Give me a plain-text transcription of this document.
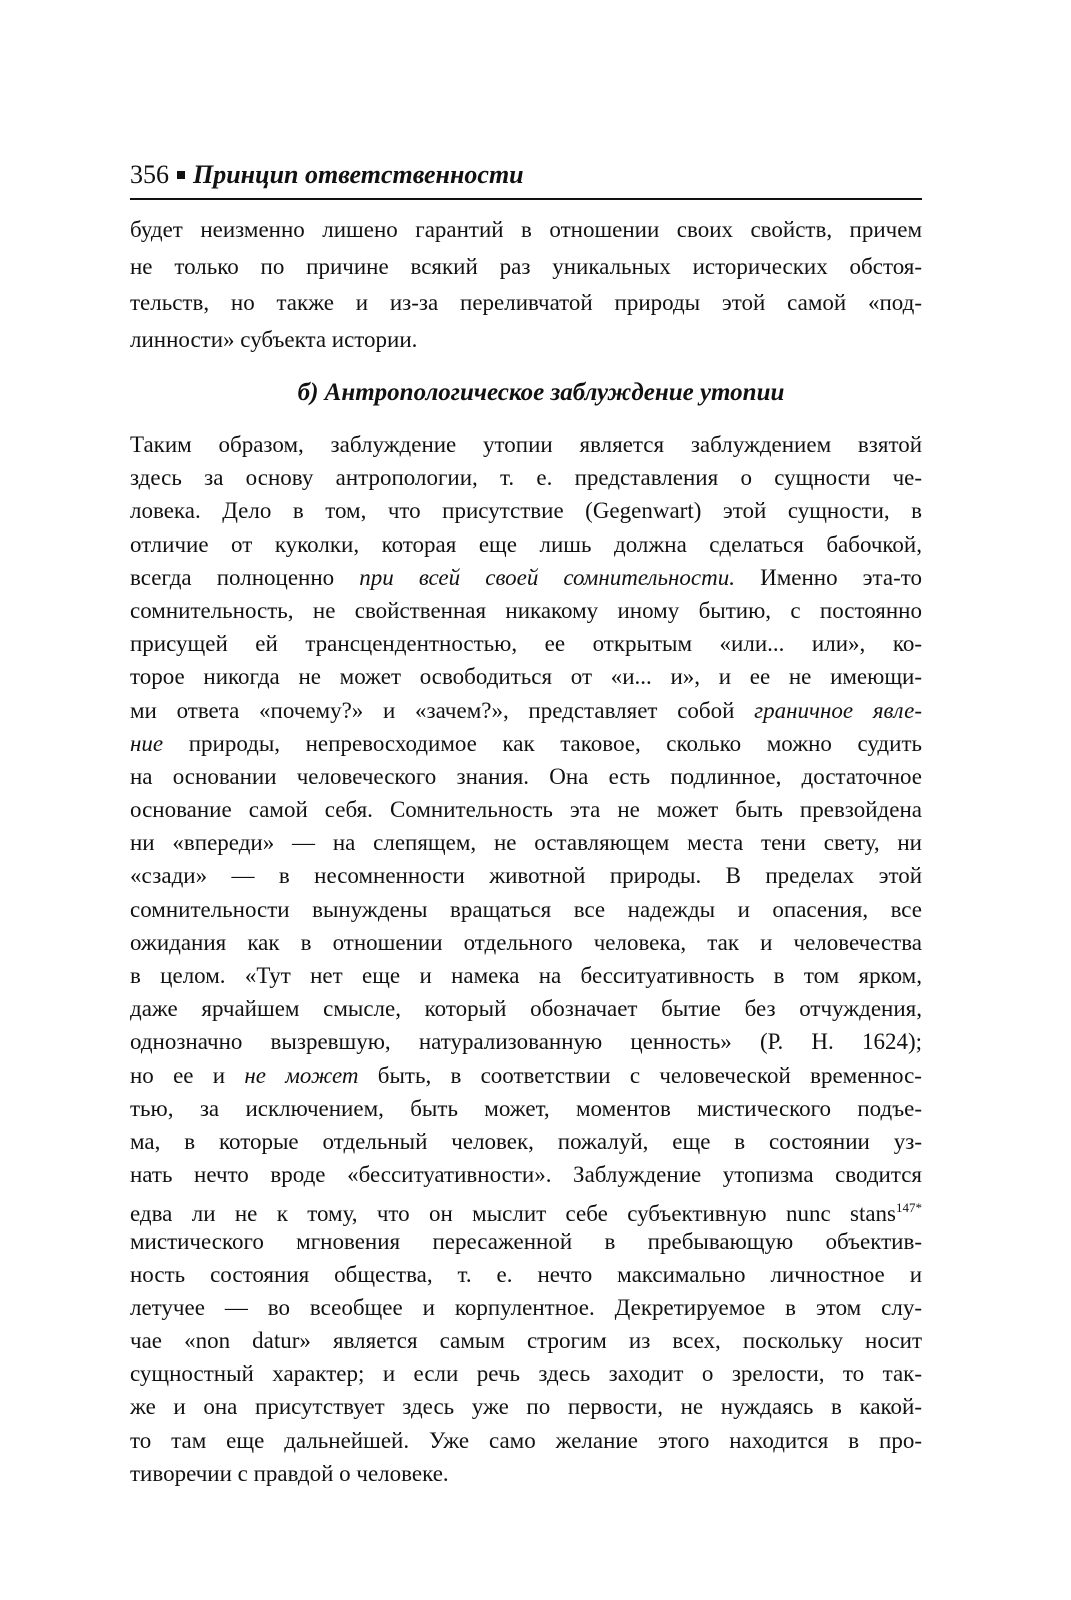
356 Принцип ответственности
будет неизменно лишено гарантий в отношении своих свойств, причем
не только по причине всякий раз уникальных исторических обстоя-
тельств, но также и из-за переливчатой природы этой самой «под-
линности» субъекта истории.
б) Антропологическое заблуждение утопии
Таким образом, заблуждение утопии является заблуждением взятой
здесь за основу антропологии, т. е. представления о сущности че-
ловека. Дело в том, что присутствие (Gegenwart) этой сущности, в
отличие от куколки, которая еще лишь должна сделаться бабочкой,
всегда полноценно при всей своей сомнительности. Именно эта-то
сомнительность, не свойственная никакому иному бытию, с постоянно
присущей ей трансцендентностью, ее открытым «или... или», ко-
торое никогда не может освободиться от «и... и», и ее не имеющи-
ми ответа «почему?» и «зачем?», представляет собой граничное явле-
ние природы, непревосходимое как таковое, сколько можно судить
на основании человеческого знания. Она есть подлинное, достаточное
основание самой себя. Сомнительность эта не может быть превзойдена
ни «впереди» — на слепящем, не оставляющем места тени свету, ни
«сзади» — в несомненности животной природы. В пределах этой
сомнительности вынуждены вращаться все надежды и опасения, все
ожидания как в отношении отдельного человека, так и человечества
в целом. «Тут нет еще и намека на бесситуативность в том ярком,
даже ярчайшем смысле, который обозначает бытие без отчуждения,
однозначно вызревшую, натурализованную ценность» (Р. Н. 1624);
но ее и не может быть, в соответствии с человеческой временнос-
тью, за исключением, быть может, моментов мистического подъе-
ма, в которые отдельный человек, пожалуй, еще в состоянии уз-
нать нечто вроде «бесситуативности». Заблуждение утопизма сводится
едва ли не к тому, что он мыслит себе субъективную nunc stans$^{147*}$
мистического мгновения пересаженной в пребывающую объектив-
ность состояния общества, т. е. нечто максимально личностное и
летучее — во всеобщее и корпулентное. Декретируемое в этом слу-
чае «non datur» является самым строгим из всех, поскольку носит
сущностный характер; и если речь здесь заходит о зрелости, то так-
же и она присутствует здесь уже по первости, не нуждаясь в какой-
то там еще дальнейшей. Уже само желание этого находится в про-
тиворечии с правдой о человеке.
